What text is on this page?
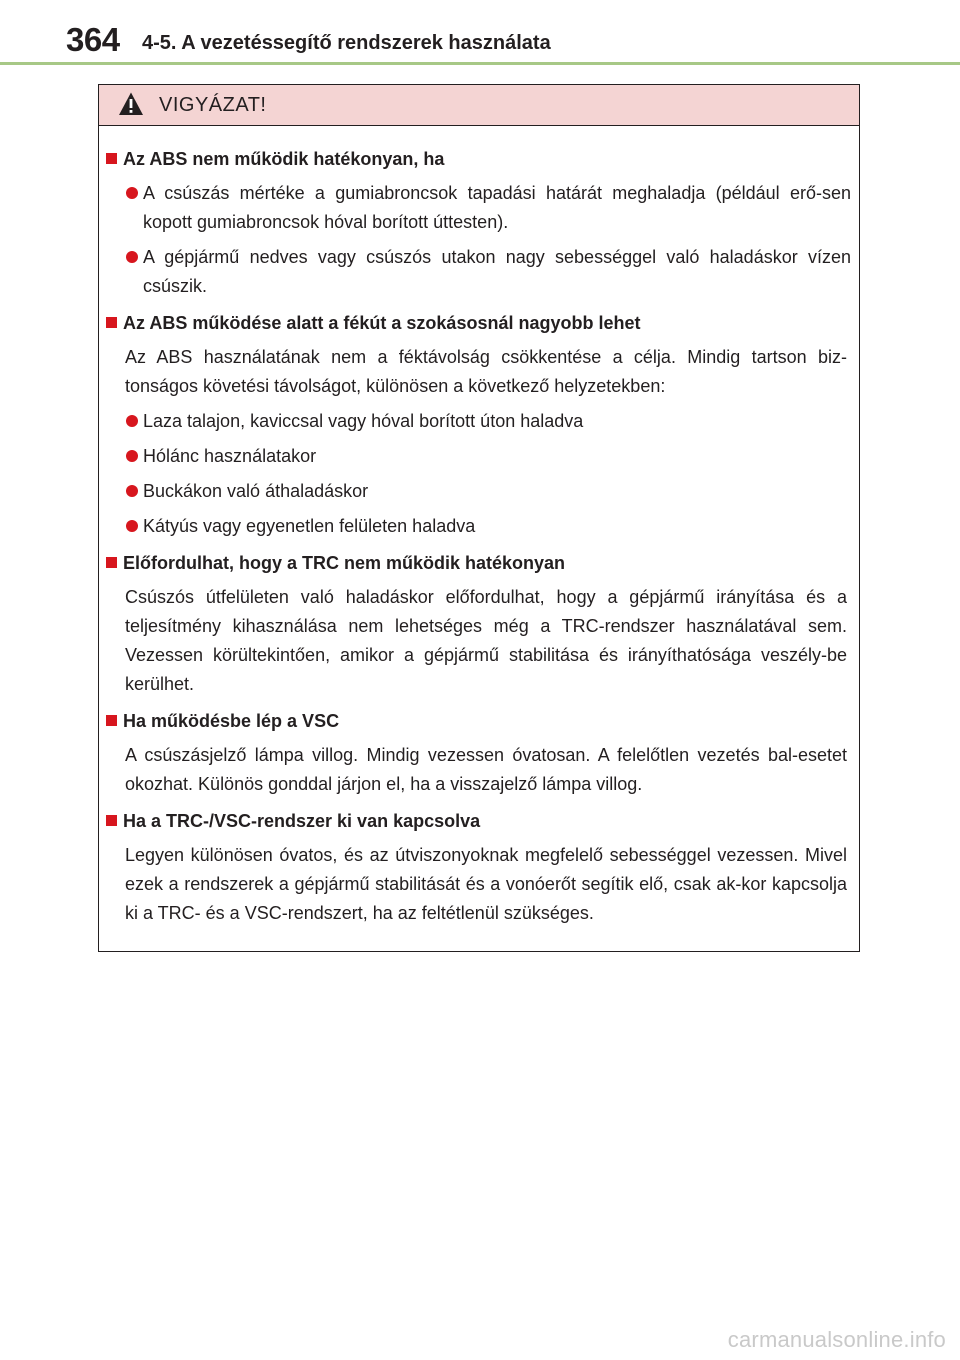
364 4-5. A vezetéssegítő rendszerek használata
VIGYÁZAT!
Az ABS nem működik hatékonyan, ha
A csúszás mértéke a gumiabroncsok tapadási határát meghaladja (például erő-sen kopott gumiabroncsok hóval borított úttesten).
A gépjármű nedves vagy csúszós utakon nagy sebességgel való haladáskor vízen csúszik.
Az ABS működése alatt a fékút a szokásosnál nagyobb lehet
Az ABS használatának nem a féktávolság csökkentése a célja. Mindig tartson biz-tonságos követési távolságot, különösen a következő helyzetekben:
Laza talajon, kaviccsal vagy hóval borított úton haladva
Hólánc használatakor
Buckákon való áthaladáskor
Kátyús vagy egyenetlen felületen haladva
Előfordulhat, hogy a TRC nem működik hatékonyan
Csúszós útfelületen való haladáskor előfordulhat, hogy a gépjármű irányítása és a teljesítmény kihasználása nem lehetséges még a TRC-rendszer használatával sem. Vezessen körültekintően, amikor a gépjármű stabilitása és irányíthatósága veszély-be kerülhet.
Ha működésbe lép a VSC
A csúszásjelző lámpa villog. Mindig vezessen óvatosan. A felelőtlen vezetés bal-esetet okozhat. Különös gonddal járjon el, ha a visszajelző lámpa villog.
Ha a TRC-/VSC-rendszer ki van kapcsolva
Legyen különösen óvatos, és az útviszonyoknak megfelelő sebességgel vezessen. Mivel ezek a rendszerek a gépjármű stabilitását és a vonóerőt segítik elő, csak ak-kor kapcsolja ki a TRC- és a VSC-rendszert, ha az feltétlenül szükséges.
carmanualsonline.info
